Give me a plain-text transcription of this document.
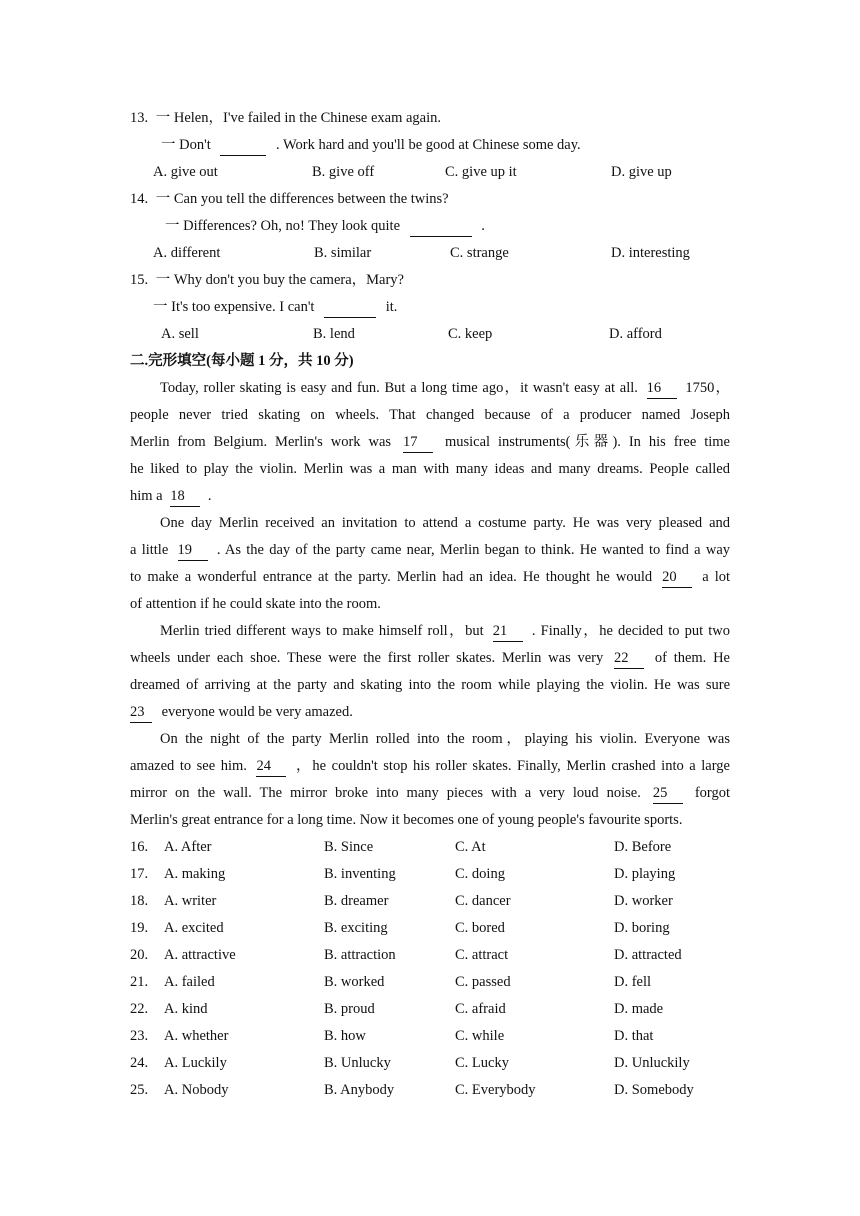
13. 一 Helen，I've failed in the Chinese exam again.
一 Don't	. Work hard and you'll be good at Chinese some day.
A. give out	B. give off	C. give up it	D. give up
14. 一 Can you tell the differences between the twins?
一 Differences? Oh, no! They look quite	.
A. different	B. similar	C. strange	D. interesting
15. 一 Why don't you buy the camera，Mary?
一 It's too expensive. I can't	it.
A. sell	B. lend	C. keep	D. afford
二.完形填空(每小题 1 分，共 10 分)
Today, roller skating is easy and fun. But a long time ago，it wasn't easy at all. 16 1750，
people never tried skating on wheels. That changed because of a producer named Joseph
Merlin from Belgium. Merlin's work was 17 musical instruments(乐器). In his free time
he liked to play the violin. Merlin was a man with many ideas and many dreams. People called
him a 18 .
One day Merlin received an invitation to attend a costume party. He was very pleased and
a little 19 . As the day of the party came near, Merlin began to think. He wanted to find a way
to make a wonderful entrance at the party. Merlin had an idea. He thought he would 20 a lot
of attention if he could skate into the room.
Merlin tried different ways to make himself roll，but 21 . Finally，he decided to put two
wheels under each shoe. These were the first roller skates. Merlin was very 22 of them. He
dreamed of arriving at the party and skating into the room while playing the violin. He was sure
23 everyone would be very amazed.
On the night of the party Merlin rolled into the room，playing his violin. Everyone was
amazed to see him. 24 ，he couldn't stop his roller skates. Finally, Merlin crashed into a large
mirror on the wall. The mirror broke into many pieces with a very loud noise. 25 forgot
Merlin's great entrance for a long time. Now it becomes one of young people's favourite sports.
16. A. After	B. Since	C. At	D. Before
17. A. making	B. inventing	C. doing	D. playing
18. A. writer	B. dreamer	C. dancer	D. worker
19. A. excited	B. exciting	C. bored	D. boring
20. A. attractive	B. attraction	C. attract	D. attracted
21. A. failed	B. worked	C. passed	D. fell
22. A. kind	B. proud	C. afraid	D. made
23. A. whether	B. how	C. while	D. that
24. A. Luckily	B. Unlucky	C. Lucky	D. Unluckily
25. A. Nobody	B. Anybody	C. Everybody	D. Somebody
